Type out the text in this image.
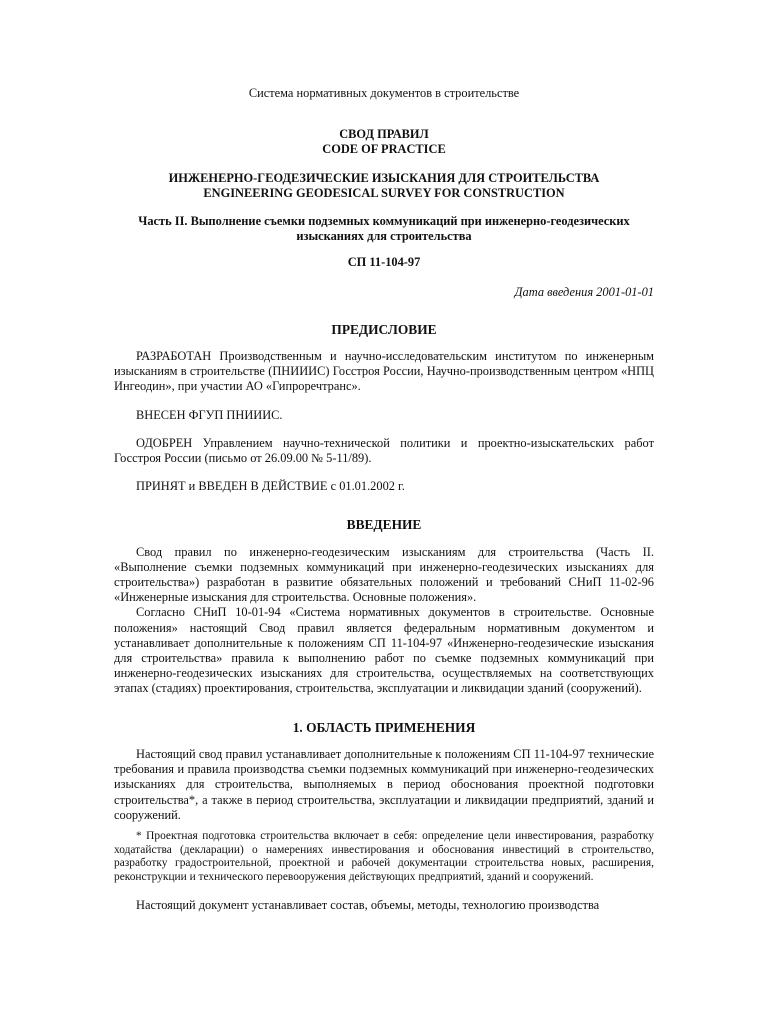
Система нормативных документов в строительстве

СВОД ПРАВИЛ

CODE OF PRACTICE

ИНЖЕНЕРНО-ГЕОДЕЗИЧЕСКИЕ ИЗЫСКАНИЯ ДЛЯ СТРОИТЕЛЬСТВА

ENGINEERING GEODESICAL SURVEY FOR CONSTRUCTION

Часть II. Выполнение съемки подземных коммуникаций при инженерно-геодезических

изысканиях для строительства

СП 11-104-97

Дата введения 2001-01-01

ПРЕДИСЛОВИЕ

РАЗРАБОТАН Производственным и научно-исследовательским институтом по инженерным изысканиям в строительстве (ПНИИИС) Госстроя России, Научно-производственным центром «НПЦ Ингеодин», при участии АО «Гипроречтранс».

ВНЕСЕН ФГУП ПНИИИС.

ОДОБРЕН Управлением научно-технической политики и проектно-изыскательских работ Госстроя России (письмо от 26.09.00 № 5-11/89).

ПРИНЯТ и ВВЕДЕН В ДЕЙСТВИЕ с 01.01.2002 г.

ВВЕДЕНИЕ

Свод правил по инженерно-геодезическим изысканиям для строительства (Часть II. «Выполнение съемки подземных коммуникаций при инженерно-геодезических изысканиях для строительства») разработан в развитие обязательных положений и требований СНиП 11-02-96 «Инженерные изыскания для строительства. Основные положения».

Согласно СНиП 10-01-94 «Система нормативных документов в строительстве. Основные положения» настоящий Свод правил является федеральным нормативным документом и устанавливает дополнительные к положениям СП 11-104-97 «Инженерно-геодезические изыскания для строительства» правила к выполнению работ по съемке подземных коммуникаций при инженерно-геодезических изысканиях для строительства, осуществляемых на соответствующих этапах (стадиях) проектирования, строительства, эксплуатации и ликвидации зданий (сооружений).

1. ОБЛАСТЬ ПРИМЕНЕНИЯ

Настоящий свод правил устанавливает дополнительные к положениям СП 11-104-97 технические требования и правила производства съемки подземных коммуникаций при инженерно-геодезических изысканиях для строительства, выполняемых в период обоснования проектной подготовки строительства*, а также в период строительства, эксплуатации и ликвидации предприятий, зданий и сооружений.

* Проектная подготовка строительства включает в себя: определение цели инвестирования, разработку ходатайства (декларации) о намерениях инвестирования и обоснования инвестиций в строительство, разработку градостроительной, проектной и рабочей документации строительства новых, расширения, реконструкции и технического перевооружения действующих предприятий, зданий и сооружений.

Настоящий документ устанавливает состав, объемы, методы, технологию производства
